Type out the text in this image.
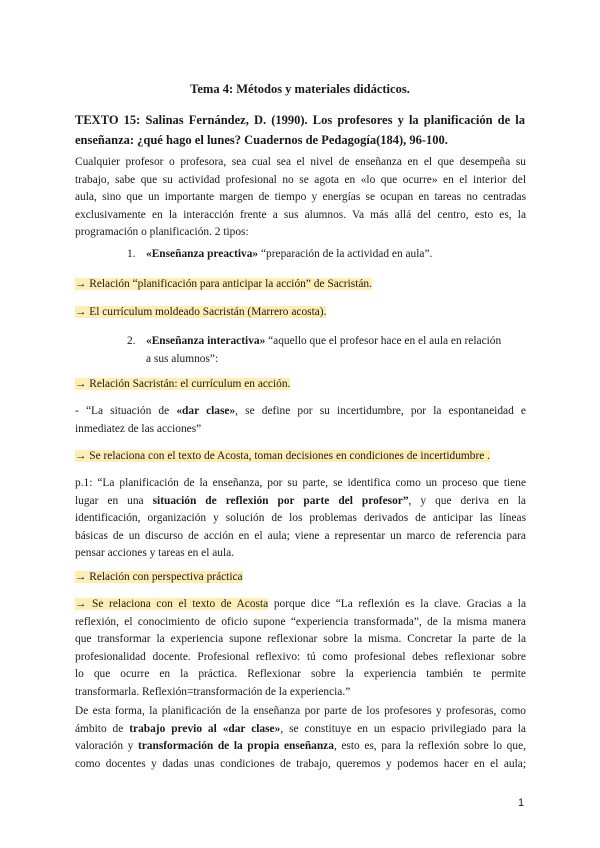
Tema 4: Métodos y materiales didácticos.
TEXTO 15: Salinas Fernández, D. (1990). Los profesores y la planificación de la
enseñanza: ¿qué hago el lunes? Cuadernos de Pedagogía(184), 96-100.
Cualquier profesor o profesora, sea cual sea el nivel de enseñanza en el que desempeña su
trabajo, sabe que su actividad profesional no se agota en «lo que ocurre» en el interior del
aula, sino que un importante margen de tiempo y energías se ocupan en tareas no centradas
exclusivamente en la interacción frente a sus alumnos. Va más allá del centro, esto es, la
programación o planificación. 2 tipos:
1. «Enseñanza preactiva» “preparación de la actividad en aula”.
→ Relación “planificación para anticipar la acción” de Sacristán.
→ El currículum moldeado Sacristán (Marrero acosta).
2. «Enseñanza interactiva» “aquello que el profesor hace en el aula en relación
a sus alumnos”:
→ Relación Sacristán: el currículum en acción.
- “La situación de «dar clase», se define por su incertidumbre, por la espontaneidad e
inmediatez de las acciones”
→ Se relaciona con el texto de Acosta, toman decisiones en condiciones de incertidumbre .
p.1: “La planificación de la enseñanza, por su parte, se identifica como un proceso que tiene
lugar en una situación de reflexión por parte del profesor”, y que deriva en la
identificación, organización y solución de los problemas derivados de anticipar las líneas
básicas de un discurso de acción en el aula; viene a representar un marco de referencia para
pensar acciones y tareas en el aula.
→ Relación con perspectiva práctica
→ Se relaciona con el texto de Acosta porque dice “La reflexión es la clave. Gracias a la
reflexión, el conocimiento de oficio supone “experiencia transformada”, de la misma manera
que transformar la experiencia supone reflexionar sobre la misma. Concretar la parte de la
profesionalidad docente. Profesional reflexivo: tú como profesional debes reflexionar sobre
lo que ocurre en la práctica. Reflexionar sobre la experiencia también te permite
transformarla. Reflexión=transformación de la experiencia.”
De esta forma, la planificación de la enseñanza por parte de los profesores y profesoras, como
ámbito de trabajo previo al «dar clase», se constituye en un espacio privilegiado para la
valoración y transformación de la propia enseñanza, esto es, para la reflexión sobre lo que,
como docentes y dadas unas condiciones de trabajo, queremos y podemos hacer en el aula;
1
